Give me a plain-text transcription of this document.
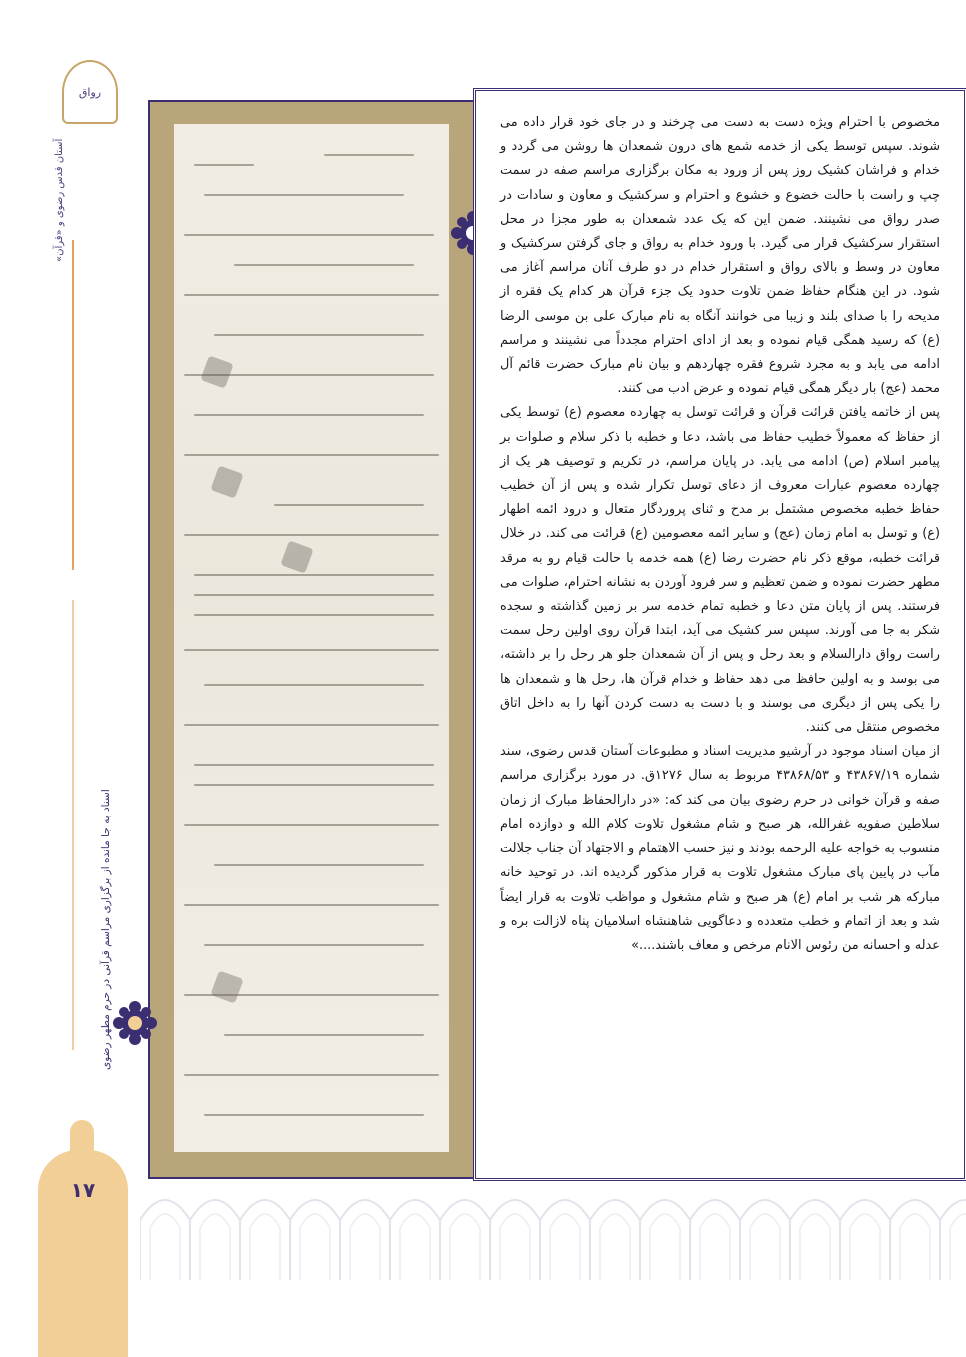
رواق
آستان قدس رضوی و «قرآن»
۱۷
اسناد به جا مانده از برگزاری مراسم قرآنی در حرم مطهر رضوی

مخصوص با احترام ویژه دست به دست می چرخند و در جای خود قرار داده می شوند. سپس توسط یکی از خدمه شمع های درون شمعدان ها روشن می گردد و خدام و فراشان کشیک روز پس از ورود به مکان برگزاری مراسم صفه در سمت چپ و راست با حالت خضوع و خشوع و احترام و سرکشیک و معاون و سادات در صدر رواق می نشینند. ضمن این که یک عدد شمعدان به طور مجزا در محل استقرار سرکشیک قرار می گیرد. با ورود خدام به رواق و جای گرفتن سرکشیک و معاون در وسط و بالای رواق و استقرار خدام در دو طرف آنان مراسم آغاز می شود. در این هنگام حفاظ ضمن تلاوت حدود یک جزء قرآن هر کدام یک فقره از مدیحه را با صدای بلند و زیبا می خوانند آنگاه به نام مبارک علی بن موسی الرضا (ع) که رسید همگی قیام نموده و بعد از ادای احترام مجدداً می نشینند و مراسم ادامه می یابد و به مجرد شروع فقره چهاردهم و بیان نام مبارک حضرت قائم آل محمد (عج) بار دیگر همگی قیام نموده و عرض ادب می کنند.

پس از خاتمه یافتن قرائت قرآن و قرائت توسل به چهارده معصوم (ع) توسط یکی از حفاظ که معمولاً خطیب حفاظ می باشد، دعا و خطبه با ذکر سلام و صلوات بر پیامبر اسلام (ص) ادامه می یابد. در پایان مراسم، در تکریم و توصیف هر یک از چهارده معصوم عبارات معروف از دعای توسل تکرار شده و پس از آن خطیب حفاظ خطبه مخصوص مشتمل بر مدح و ثنای پروردگار متعال و درود ائمه اطهار (ع) و توسل به امام زمان (عج) و سایر ائمه معصومین (ع) قرائت می کند. در خلال قرائت خطبه، موقع ذکر نام حضرت رضا (ع) همه خدمه با حالت قیام رو به مرقد مطهر حضرت نموده و ضمن تعظیم و سر فرود آوردن به نشانه احترام، صلوات می فرستند. پس از پایان متن دعا و خطبه تمام خدمه سر بر زمین گذاشته و سجده شکر به جا می آورند. سپس سر کشیک می آید، ابتدا قرآن روی اولین رحل سمت راست رواق دارالسلام و بعد رحل و پس از آن شمعدان جلو هر رحل را بر داشته، می بوسد و به اولین حافظ می دهد حفاظ و خدام قرآن ها، رحل ها و شمعدان ها را یکی پس از دیگری می بوسند و با دست به دست کردن آنها را به داخل اتاق مخصوص منتقل می کنند.

از میان اسناد موجود در آرشیو مدیریت اسناد و مطبوعات آستان قدس رضوی، سند شماره ۴۳۸۶۷/۱۹ و ۴۳۸۶۸/۵۳ مربوط به سال ۱۲۷۶ق. در مورد برگزاری مراسم صفه و قرآن خوانی در حرم رضوی بیان می کند که: «در دارالحفاظ مبارک از زمان سلاطین صفویه غفرالله، هر صبح و شام مشغول تلاوت کلام الله و دوازده امام منسوب به خواجه علیه الرحمه بودند و نیز حسب الاهتمام و الاجتهاد آن جناب جلالت مآب در پایین پای مبارک مشغول تلاوت به قرار مذکور گردیده اند. در توحید خانه مبارکه هر شب بر امام (ع) هر صبح و شام مشغول و مواظب تلاوت به قرار ایضاً شد و بعد از اتمام و خطب متعدده و دعاگویی شاهنشاه اسلامیان پناه لازالت بره و عدله و احسانه من رئوس الانام مرخص و معاف باشند....»
